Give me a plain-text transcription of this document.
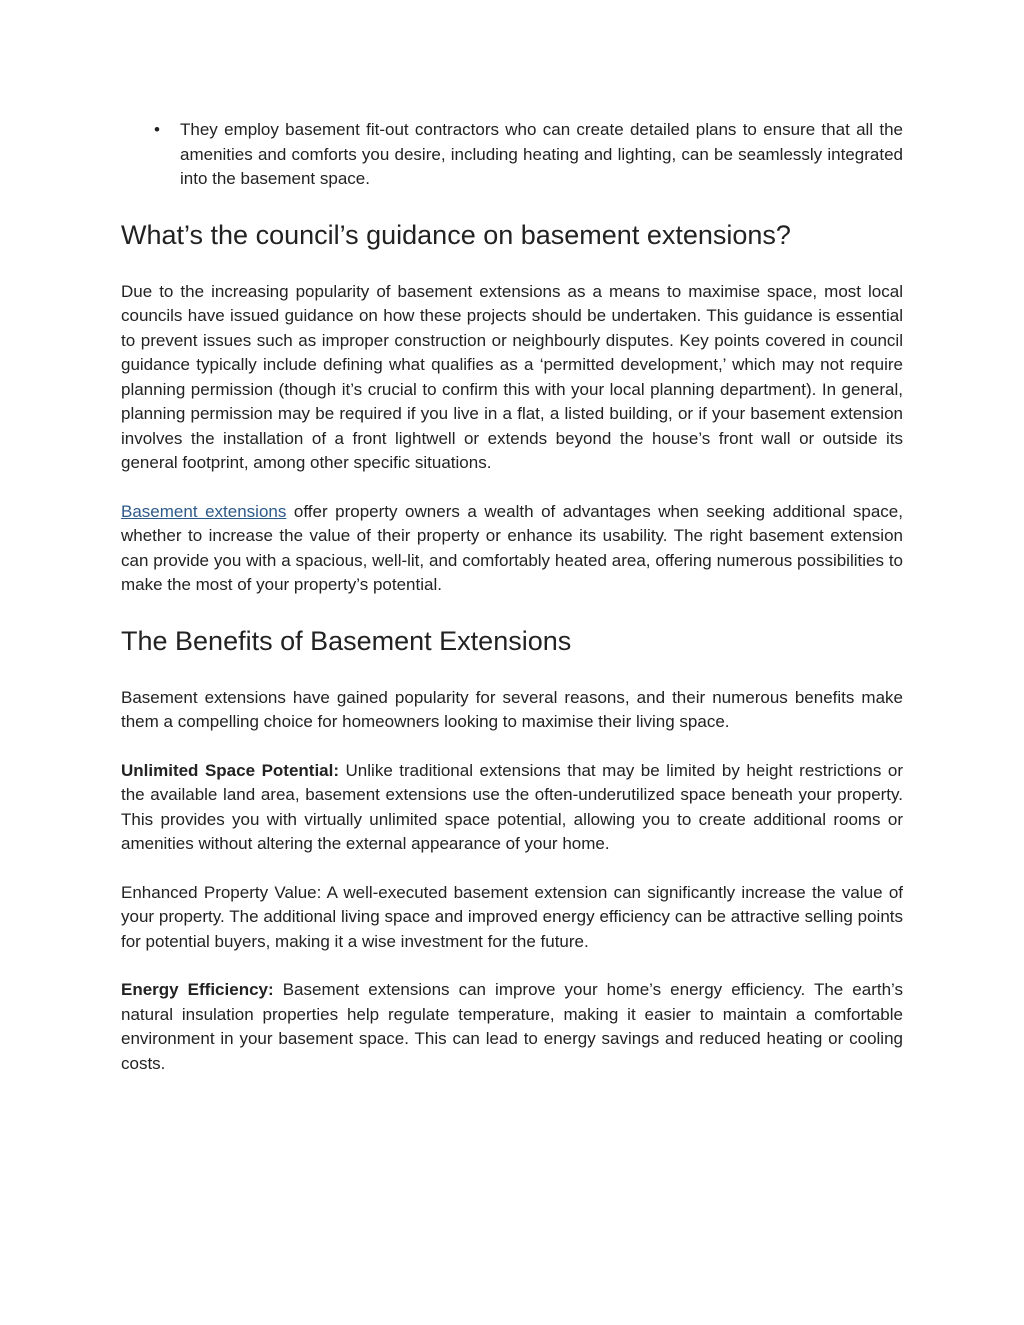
• They employ basement fit-out contractors who can create detailed plans to ensure that all the amenities and comforts you desire, including heating and lighting, can be seamlessly integrated into the basement space.
What’s the council’s guidance on basement extensions?

Due to the increasing popularity of basement extensions as a means to maximise space, most local councils have issued guidance on how these projects should be undertaken. This guidance is essential to prevent issues such as improper construction or neighbourly disputes. Key points covered in council guidance typically include defining what qualifies as a ‘permitted development,’ which may not require planning permission (though it’s crucial to confirm this with your local planning department). In general, planning permission may be required if you live in a flat, a listed building, or if your basement extension involves the installation of a front lightwell or extends beyond the house’s front wall or outside its general footprint, among other specific situations.

Basement extensions offer property owners a wealth of advantages when seeking additional space, whether to increase the value of their property or enhance its usability. The right basement extension can provide you with a spacious, well-lit, and comfortably heated area, offering numerous possibilities to make the most of your property’s potential.

The Benefits of Basement Extensions

Basement extensions have gained popularity for several reasons, and their numerous benefits make them a compelling choice for homeowners looking to maximise their living space.

Unlimited Space Potential: Unlike traditional extensions that may be limited by height restrictions or the available land area, basement extensions use the often-underutilized space beneath your property. This provides you with virtually unlimited space potential, allowing you to create additional rooms or amenities without altering the external appearance of your home.

Enhanced Property Value: A well-executed basement extension can significantly increase the value of your property. The additional living space and improved energy efficiency can be attractive selling points for potential buyers, making it a wise investment for the future.

Energy Efficiency: Basement extensions can improve your home’s energy efficiency. The earth’s natural insulation properties help regulate temperature, making it easier to maintain a comfortable environment in your basement space. This can lead to energy savings and reduced heating or cooling costs.
